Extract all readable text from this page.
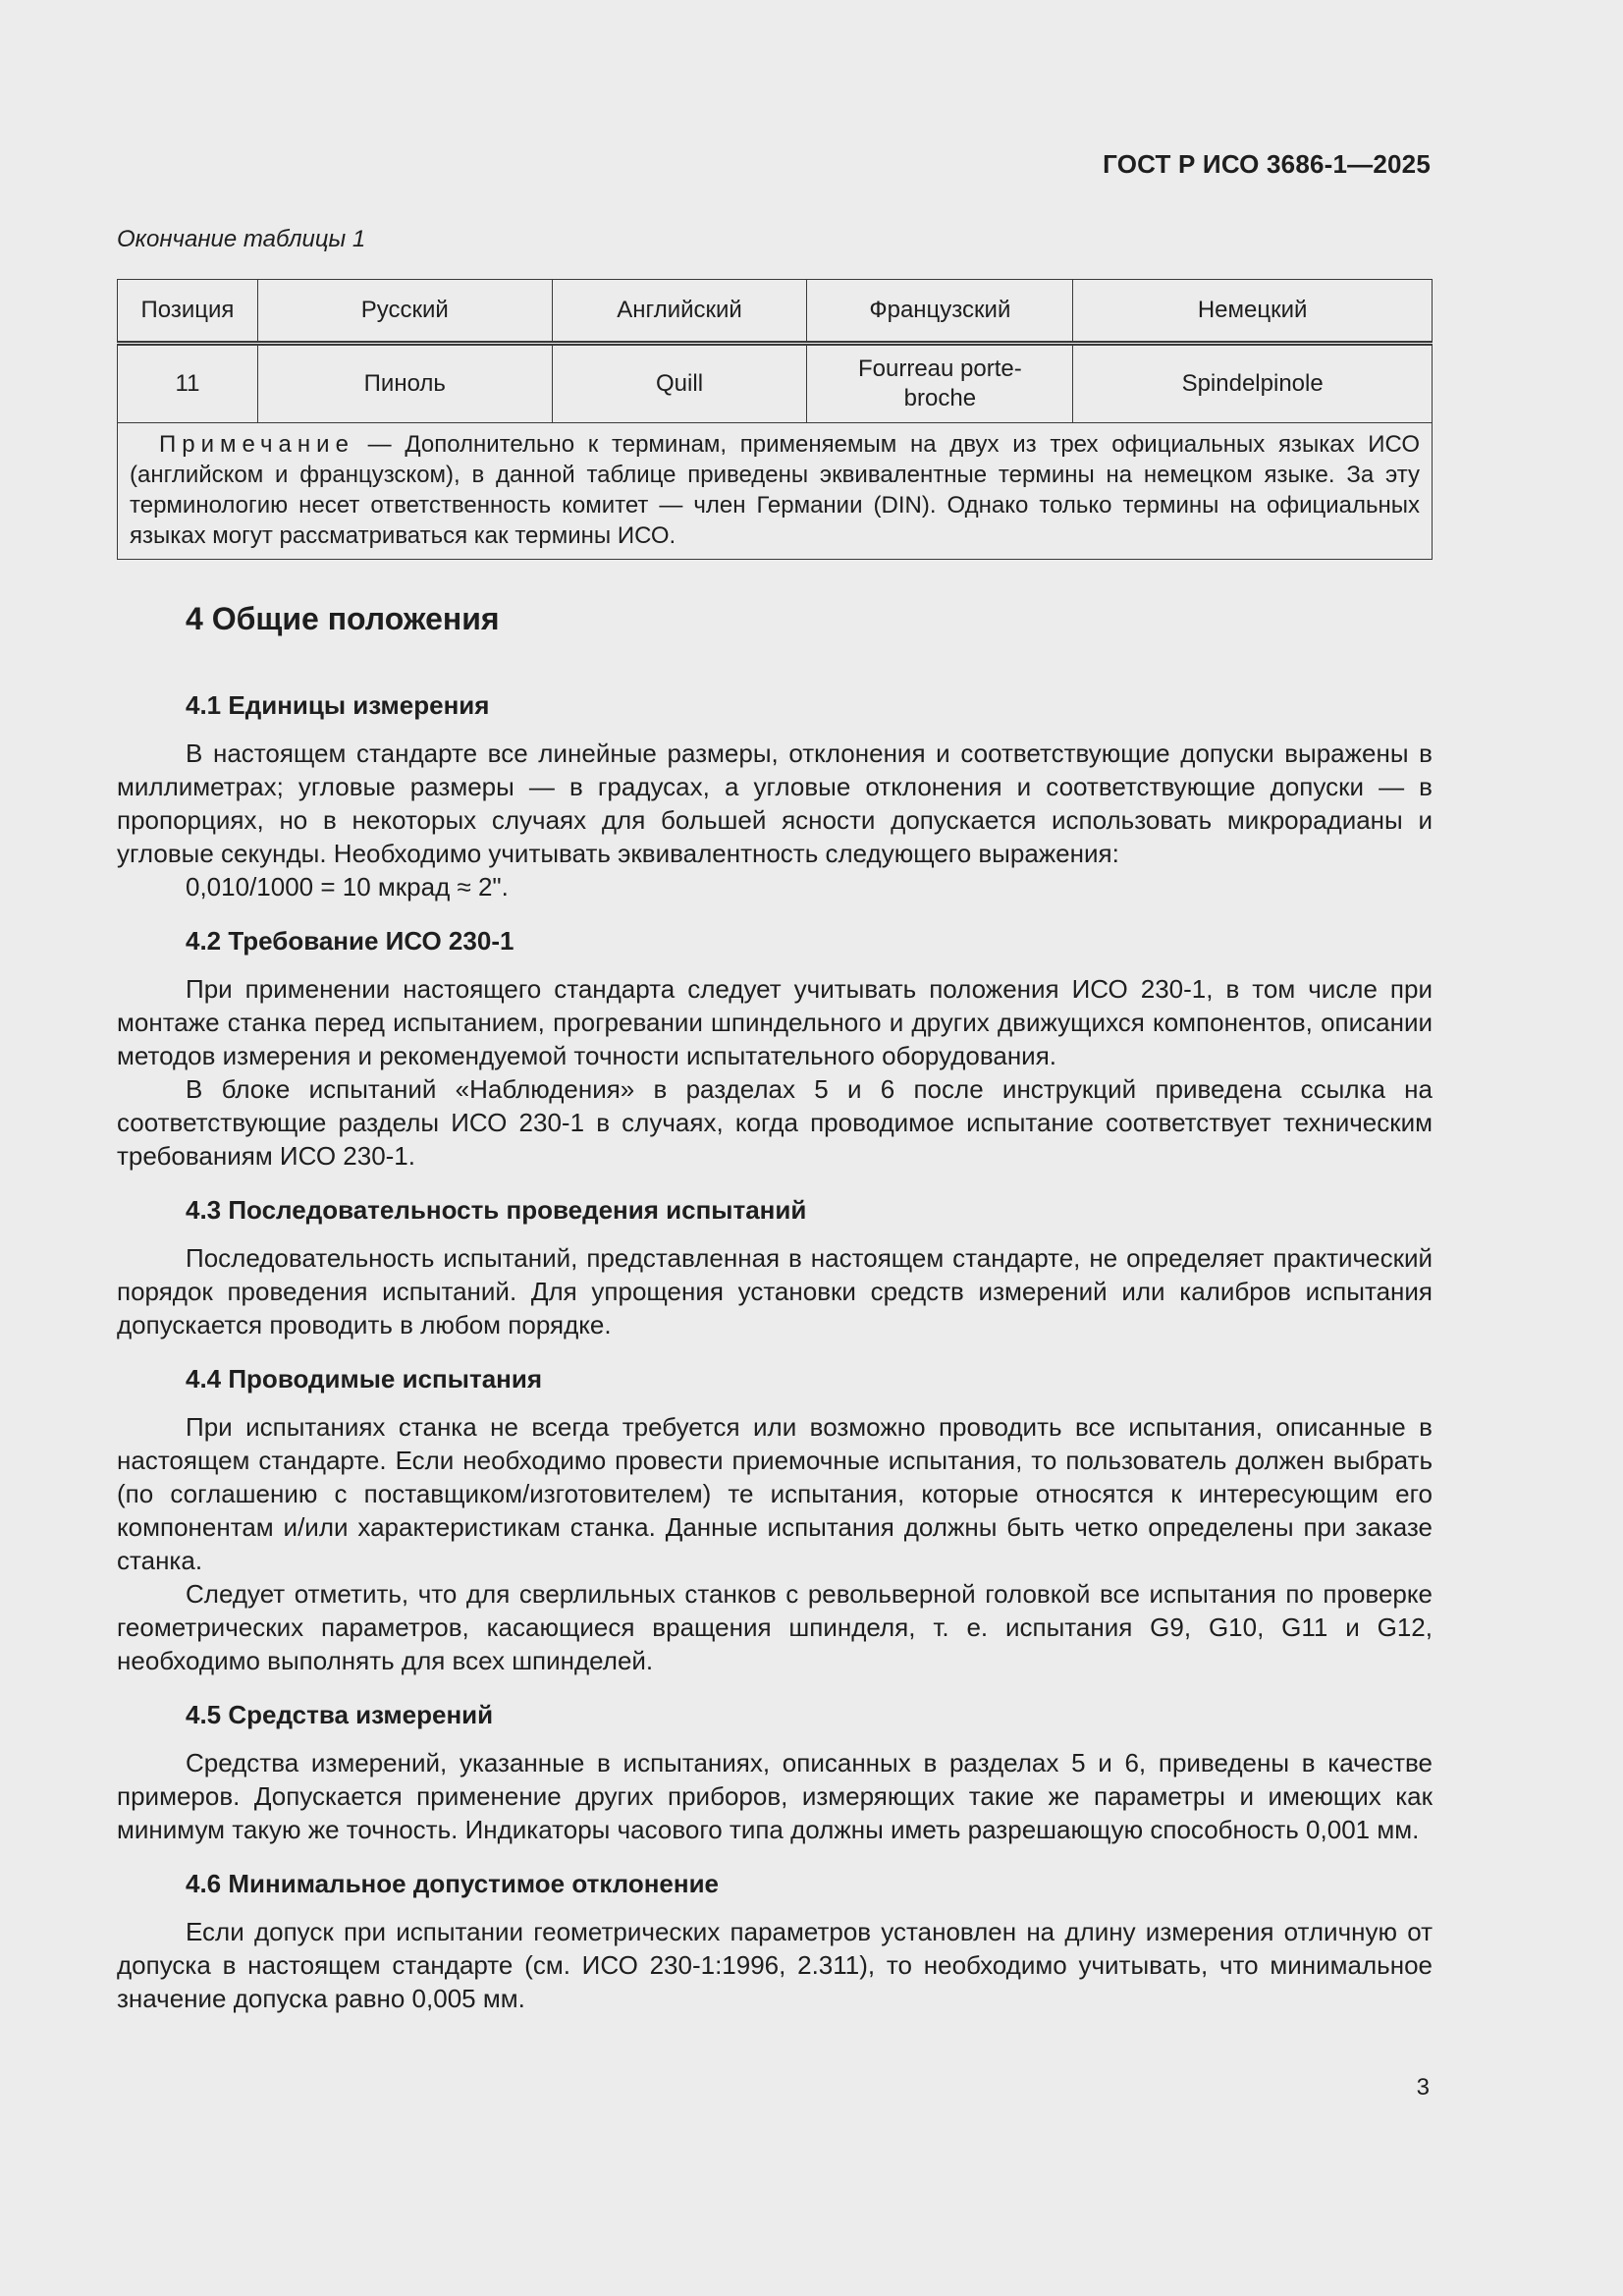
ГОСТ Р ИСО 3686-1—2025
Окончание таблицы 1
Позиция	Русский	Английский	Французский	Немецкий
11	Пиноль	Quill	Fourreau porte-broche	Spindelpinole
Примечание — Дополнительно к терминам, применяемым на двух из трех официальных языках ИСО (английском и французском), в данной таблице приведены эквивалентные термины на немецком языке. За эту терминологию несет ответственность комитет — член Германии (DIN). Однако только термины на официальных языках могут рассматриваться как термины ИСО.				
4 Общие положения
4.1 Единицы измерения

В настоящем стандарте все линейные размеры, отклонения и соответствующие допуски выражены в миллиметрах; угловые размеры — в градусах, а угловые отклонения и соответствующие допуски — в пропорциях, но в некоторых случаях для большей ясности допускается использовать микрорадианы и угловые секунды. Необходимо учитывать эквивалентность следующего выражения:

0,010/1000 = 10 мкрад ≈ 2".

4.2 Требование ИСО 230-1

При применении настоящего стандарта следует учитывать положения ИСО 230-1, в том числе при монтаже станка перед испытанием, прогревании шпиндельного и других движущихся компонентов, описании методов измерения и рекомендуемой точности испытательного оборудования.

В блоке испытаний «Наблюдения» в разделах 5 и 6 после инструкций приведена ссылка на соответствующие разделы ИСО 230-1 в случаях, когда проводимое испытание соответствует техническим требованиям ИСО 230-1.

4.3 Последовательность проведения испытаний

Последовательность испытаний, представленная в настоящем стандарте, не определяет практический порядок проведения испытаний. Для упрощения установки средств измерений или калибров испытания допускается проводить в любом порядке.

4.4 Проводимые испытания

При испытаниях станка не всегда требуется или возможно проводить все испытания, описанные в настоящем стандарте. Если необходимо провести приемочные испытания, то пользователь должен выбрать (по соглашению с поставщиком/изготовителем) те испытания, которые относятся к интересующим его компонентам и/или характеристикам станка. Данные испытания должны быть четко определены при заказе станка.

Следует отметить, что для сверлильных станков с револьверной головкой все испытания по проверке геометрических параметров, касающиеся вращения шпинделя, т. е. испытания G9, G10, G11 и G12, необходимо выполнять для всех шпинделей.

4.5 Средства измерений

Средства измерений, указанные в испытаниях, описанных в разделах 5 и 6, приведены в качестве примеров. Допускается применение других приборов, измеряющих такие же параметры и имеющих как минимум такую же точность. Индикаторы часового типа должны иметь разрешающую способность 0,001 мм.

4.6 Минимальное допустимое отклонение

Если допуск при испытании геометрических параметров установлен на длину измерения отличную от допуска в настоящем стандарте (см. ИСО 230-1:1996, 2.311), то необходимо учитывать, что минимальное значение допуска равно 0,005 мм.

3
